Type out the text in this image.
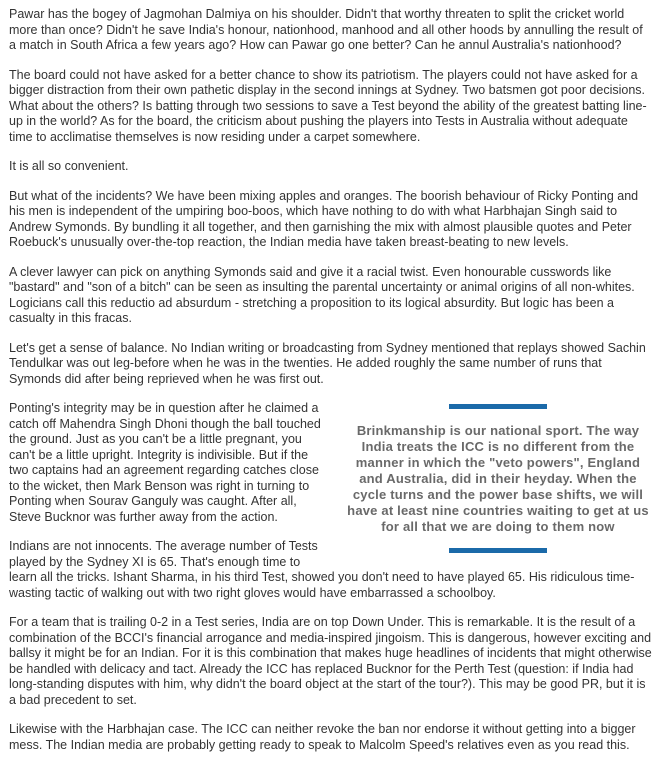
Pawar has the bogey of Jagmohan Dalmiya on his shoulder. Didn't that worthy threaten to split the cricket world more than once? Didn't he save India's honour, nationhood, manhood and all other hoods by annulling the result of a match in South Africa a few years ago? How can Pawar go one better? Can he annul Australia's nationhood?

The board could not have asked for a better chance to show its patriotism. The players could not have asked for a bigger distraction from their own pathetic display in the second innings at Sydney. Two batsmen got poor decisions. What about the others? Is batting through two sessions to save a Test beyond the ability of the greatest batting line-up in the world? As for the board, the criticism about pushing the players into Tests in Australia without adequate time to acclimatise themselves is now residing under a carpet somewhere.

It is all so convenient.

But what of the incidents? We have been mixing apples and oranges. The boorish behaviour of Ricky Ponting and his men is independent of the umpiring boo-boos, which have nothing to do with what Harbhajan Singh said to Andrew Symonds. By bundling it all together, and then garnishing the mix with almost plausible quotes and Peter Roebuck's unusually over-the-top reaction, the Indian media have taken breast-beating to new levels.

A clever lawyer can pick on anything Symonds said and give it a racial twist. Even honourable cusswords like "bastard" and "son of a bitch" can be seen as insulting the parental uncertainty or animal origins of all non-whites. Logicians call this reductio ad absurdum - stretching a proposition to its logical absurdity. But logic has been a casualty in this fracas.

Let's get a sense of balance. No Indian writing or broadcasting from Sydney mentioned that replays showed Sachin Tendulkar was out leg-before when he was in the twenties. He added roughly the same number of runs that Symonds did after being reprieved when he was first out.

Brinkmanship is our national sport. The way India treats the ICC is no different from the manner in which the "veto powers", England and Australia, did in their heyday. When the cycle turns and the power base shifts, we will have at least nine countries waiting to get at us for all that we are doing to them now

Ponting's integrity may be in question after he claimed a catch off Mahendra Singh Dhoni though the ball touched the ground. Just as you can't be a little pregnant, you can't be a little upright. Integrity is indivisible. But if the two captains had an agreement regarding catches close to the wicket, then Mark Benson was right in turning to Ponting when Sourav Ganguly was caught. After all, Steve Bucknor was further away from the action.

Indians are not innocents. The average number of Tests played by the Sydney XI is 65. That's enough time to learn all the tricks. Ishant Sharma, in his third Test, showed you don't need to have played 65. His ridiculous time-wasting tactic of walking out with two right gloves would have embarrassed a schoolboy.

For a team that is trailing 0-2 in a Test series, India are on top Down Under. This is remarkable. It is the result of a combination of the BCCI's financial arrogance and media-inspired jingoism. This is dangerous, however exciting and ballsy it might be for an Indian. For it is this combination that makes huge headlines of incidents that might otherwise be handled with delicacy and tact. Already the ICC has replaced Bucknor for the Perth Test (question: if India had long-standing disputes with him, why didn't the board object at the start of the tour?). This may be good PR, but it is a bad precedent to set.

Likewise with the Harbhajan case. The ICC can neither revoke the ban nor endorse it without getting into a bigger mess. The Indian media are probably getting ready to speak to Malcolm Speed's relatives even as you read this.
